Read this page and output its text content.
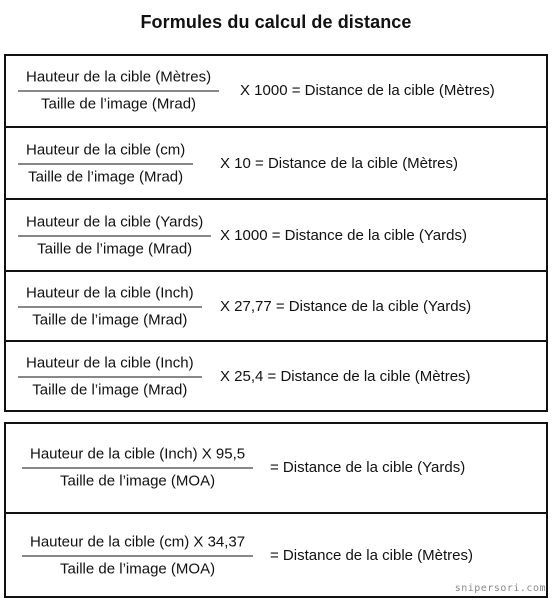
Formules du calcul de distance
Hauteur de la cible (Mètres)
Taille de l’image (Mrad)
X 1000 = Distance de la cible (Mètres)
Hauteur de la cible (cm)
Taille de l’image (Mrad)
X 10 = Distance de la cible (Mètres)
Hauteur de la cible (Yards)
Taille de l’image (Mrad)
X 1000 = Distance de la cible (Yards)
Hauteur de la cible (Inch)
Taille de l’image (Mrad)
X 27,77 = Distance de la cible (Yards)
Hauteur de la cible (Inch)
Taille de l’image (Mrad)
X 25,4 = Distance de la cible (Mètres)
Hauteur de la cible (Inch) X 95,5
Taille de l’image (MOA)
= Distance de la cible (Yards)
Hauteur de la cible (cm) X 34,37
Taille de l’image (MOA)
= Distance de la cible (Mètres)
snipersori.com
